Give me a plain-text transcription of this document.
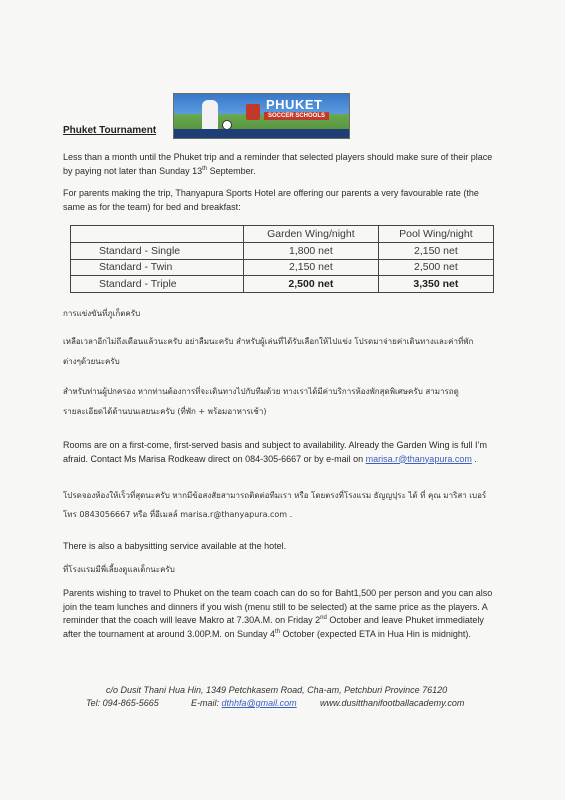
PHUKET
SOCCER SCHOOLS
Phuket Tournament

Less than a month until the Phuket trip and a reminder that selected players should make sure of their place by paying not later than Sunday 13th September.

For parents making the trip, Thanyapura Sports Hotel are offering our parents a very favourable rate (the same as for the team) for bed and breakfast:

	Garden Wing/night	Pool Wing/night
Standard - Single	1,800 net	2,150 net
Standard - Twin	2,150 net	2,500 net
Standard - Triple	2,500 net	3,350 net

การแข่งขันที่ภูเก็ตครับ

เหลือเวลาอีกไม่ถึงเดือนแล้วนะครับ อย่าลืมนะครับ สำหรับผู้เล่นที่ได้รับเลือกให้ไปแข่ง โปรดมาจ่ายค่าเดินทางและค่าที่พัก
ต่างๆด้วยนะครับ
สำหรับท่านผู้ปกครอง หากท่านต้องการที่จะเดินทางไปกับทีมด้วย ทางเราได้มีค่าบริการห้องพักสุดพิเศษครับ สามารถดู
รายละเอียดได้ด้านบนเลยนะครับ (ที่พัก + พร้อมอาหารเช้า)

Rooms are on a first-come, first-served basis and subject to availability. Already the Garden Wing is full I’m afraid. Contact Ms Marisa Rodkeaw direct on 084-305-6667 or by e-mail on marisa.r@thanyapura.com .

โปรดจองห้องให้เร็วที่สุดนะครับ หากมีข้อสงสัยสามารถติดต่อทีมเรา หรือ โดยตรงที่โรงแรม ธัญญปุระ ได้ ที่ คุณ มาริสา เบอร์
โทร 0843056667 หรือ ที่อีเมลล์ marisa.r@thanyapura.com .

There is also a babysitting service available at the hotel.

ที่โรงแรมมีพี่เลี้ยงดูแลเด็กนะครับ

Parents wishing to travel to Phuket on the team coach can do so for Baht1,500 per person and you can also join the team lunches and dinners if you wish (menu still to be selected) at the same price as the players. A reminder that the coach will leave Makro at 7.30A.M. on Friday 2nd October and leave Phuket immediately after the tournament at around 3.00P.M. on Sunday 4th October (expected ETA in Hua Hin is midnight).

c/o Dusit Thani Hua Hin, 1349 Petchkasem Road, Cha-am, Petchburi Province 76120
Tel: 094-865-5665	E-mail: dthhfa@gmail.com	www.dusitthanifootballacademy.com
